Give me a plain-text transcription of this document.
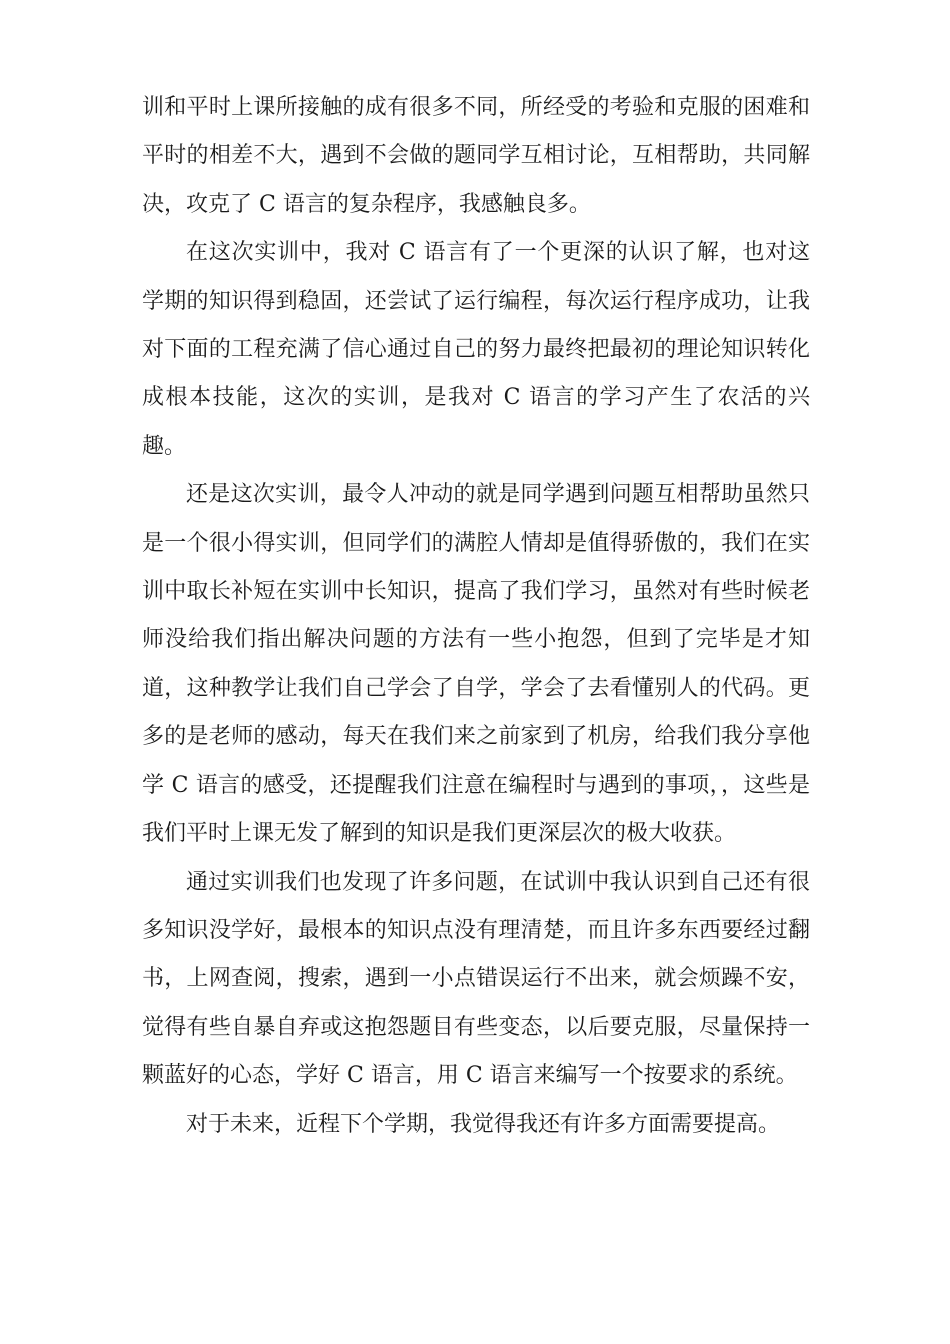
训和平时上课所接触的成有很多不同，所经受的考验和克服的困难和平时的相差不大，遇到不会做的题同学互相讨论，互相帮助，共同解决，攻克了 C 语言的复杂程序，我感触良多。

在这次实训中，我对 C 语言有了一个更深的认识了解，也对这学期的知识得到稳固，还尝试了运行编程，每次运行程序成功，让我对下面的工程充满了信心通过自己的努力最终把最初的理论知识转化成根本技能，这次的实训，是我对 C 语言的学习产生了农活的兴趣。

还是这次实训，最令人冲动的就是同学遇到问题互相帮助虽然只是一个很小得实训，但同学们的满腔人情却是值得骄傲的，我们在实训中取长补短在实训中长知识，提高了我们学习，虽然对有些时候老师没给我们指出解决问题的方法有一些小抱怨，但到了完毕是才知道，这种教学让我们自己学会了自学，学会了去看懂别人的代码。更多的是老师的感动，每天在我们来之前家到了机房，给我们我分享他学 C 语言的感受，还提醒我们注意在编程时与遇到的事项，，这些是我们平时上课无发了解到的知识是我们更深层次的极大收获。

通过实训我们也发现了许多问题，在试训中我认识到自己还有很多知识没学好，最根本的知识点没有理清楚，而且许多东西要经过翻书，上网查阅，搜索，遇到一小点错误运行不出来，就会烦躁不安，觉得有些自暴自弃或这抱怨题目有些变态，以后要克服，尽量保持一颗蓝好的心态，学好 C 语言，用 C 语言来编写一个按要求的系统。

对于未来，近程下个学期，我觉得我还有许多方面需要提高。
